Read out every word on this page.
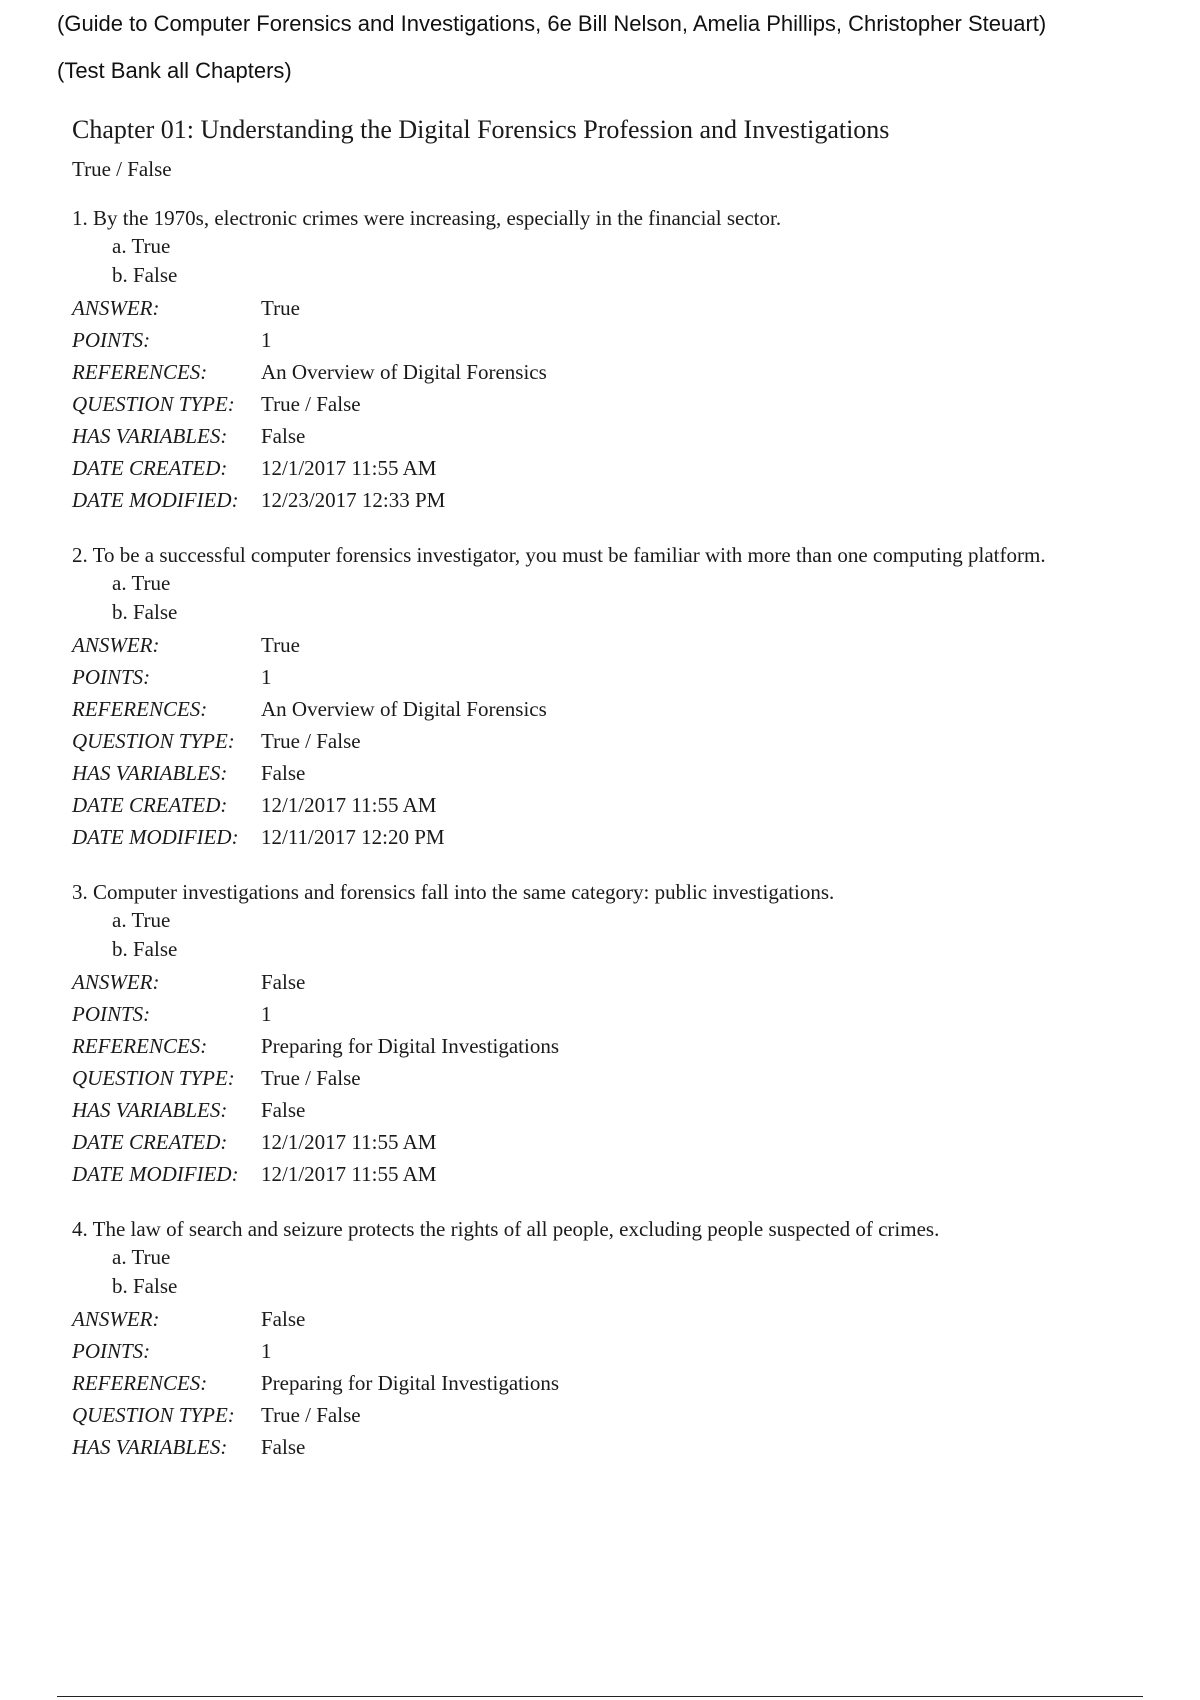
(Guide to Computer Forensics and Investigations, 6e Bill Nelson, Amelia Phillips, Christopher Steuart)
(Test Bank all Chapters)
Chapter 01: Understanding the Digital Forensics Profession and Investigations
True / False
1. By the 1970s, electronic crimes were increasing, especially in the financial sector.
a. True
b. False
ANSWER:	True
POINTS:	1
REFERENCES:	An Overview of Digital Forensics
QUESTION TYPE:	True / False
HAS VARIABLES:	False
DATE CREATED:	12/1/2017 11:55 AM
DATE MODIFIED:	12/23/2017 12:33 PM
2. To be a successful computer forensics investigator, you must be familiar with more than one computing platform.
a. True
b. False
ANSWER:	True
POINTS:	1
REFERENCES:	An Overview of Digital Forensics
QUESTION TYPE:	True / False
HAS VARIABLES:	False
DATE CREATED:	12/1/2017 11:55 AM
DATE MODIFIED:	12/11/2017 12:20 PM
3. Computer investigations and forensics fall into the same category: public investigations.
a. True
b. False
ANSWER:	False
POINTS:	1
REFERENCES:	Preparing for Digital Investigations
QUESTION TYPE:	True / False
HAS VARIABLES:	False
DATE CREATED:	12/1/2017 11:55 AM
DATE MODIFIED:	12/1/2017 11:55 AM
4. The law of search and seizure protects the rights of all people, excluding people suspected of crimes.
a. True
b. False
ANSWER:	False
POINTS:	1
REFERENCES:	Preparing for Digital Investigations
QUESTION TYPE:	True / False
HAS VARIABLES:	False
